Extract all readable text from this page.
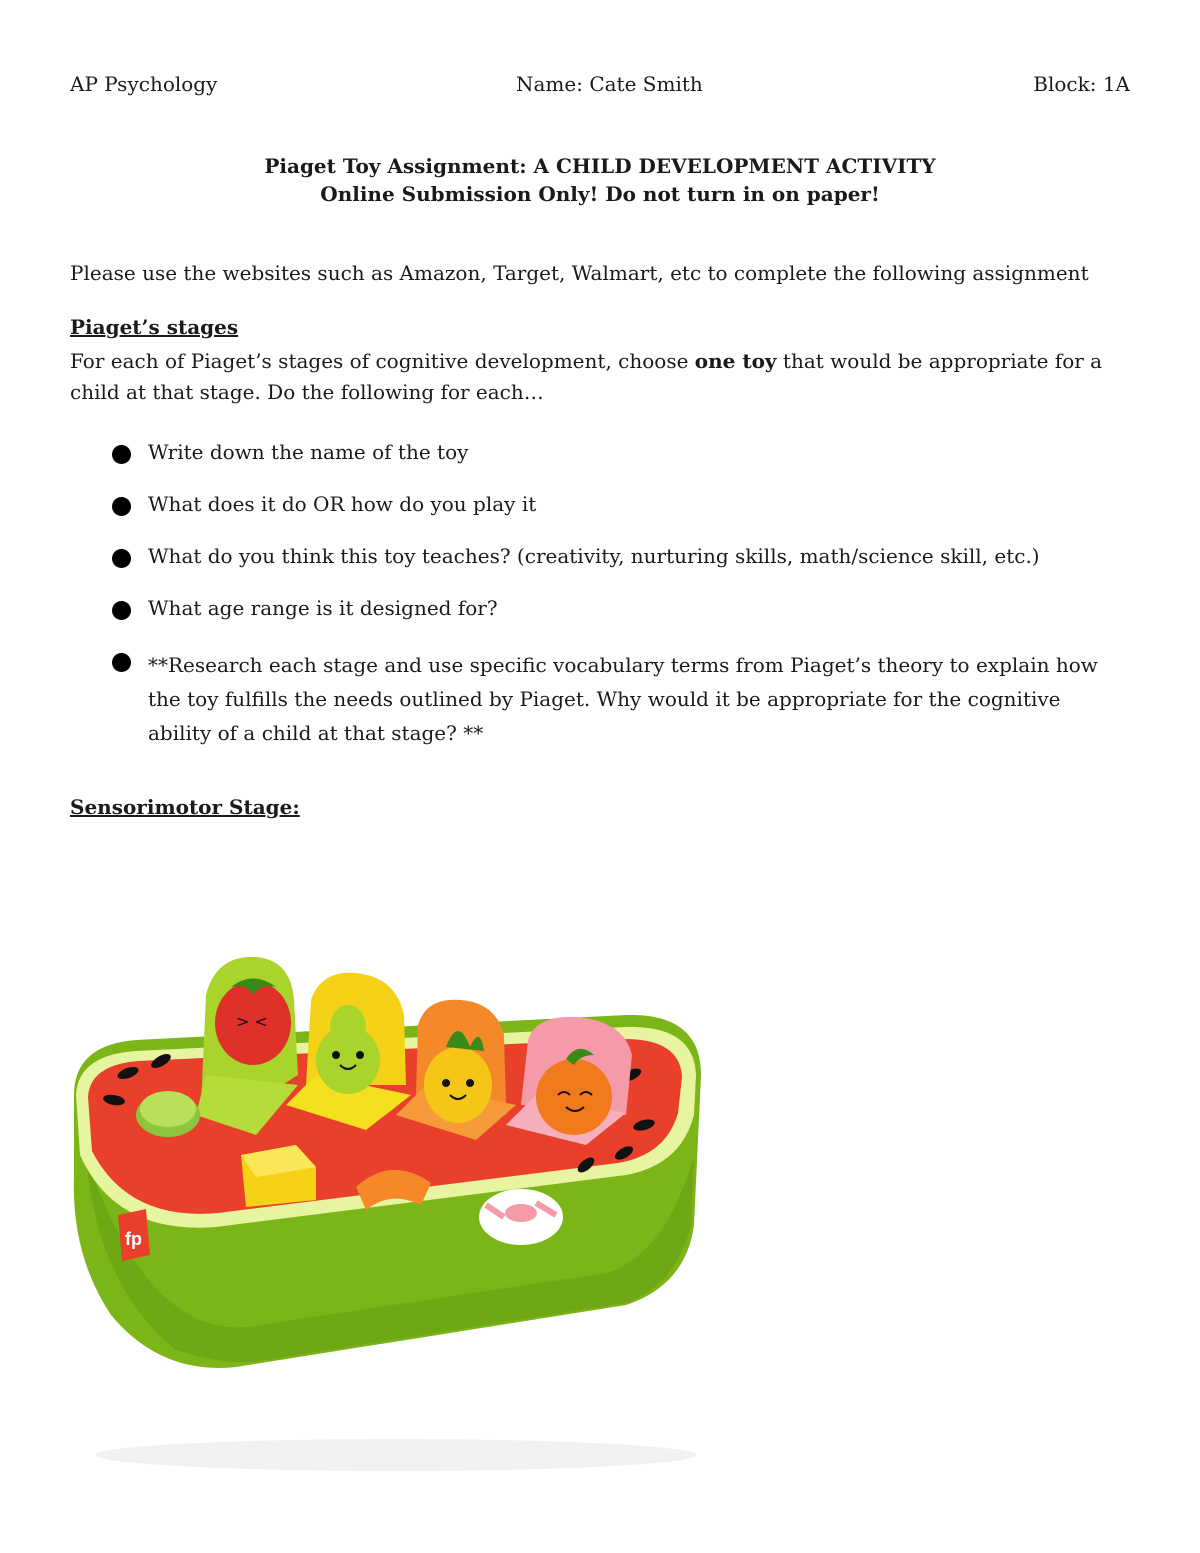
AP Psychology	Name: Cate Smith	Block: 1A
Piaget Toy Assignment: A CHILD DEVELOPMENT ACTIVITY
Online Submission Only! Do not turn in on paper!
Please use the websites such as Amazon, Target, Walmart, etc to complete the following assignment
Piaget’s stages
For each of Piaget’s stages of cognitive development, choose one toy that would be appropriate for a child at that stage. Do the following for each…
Write down the name of the toy
What does it do OR how do you play it
What do you think this toy teaches? (creativity, nurturing skills, math/science skill, etc.)
What age range is it designed for?
**Research each stage and use specific vocabulary terms from Piaget’s theory to explain how the toy fulfills the needs outlined by Piaget. Why would it be appropriate for the cognitive ability of a child at that stage? **
Sensorimotor Stage:
> <
fp
